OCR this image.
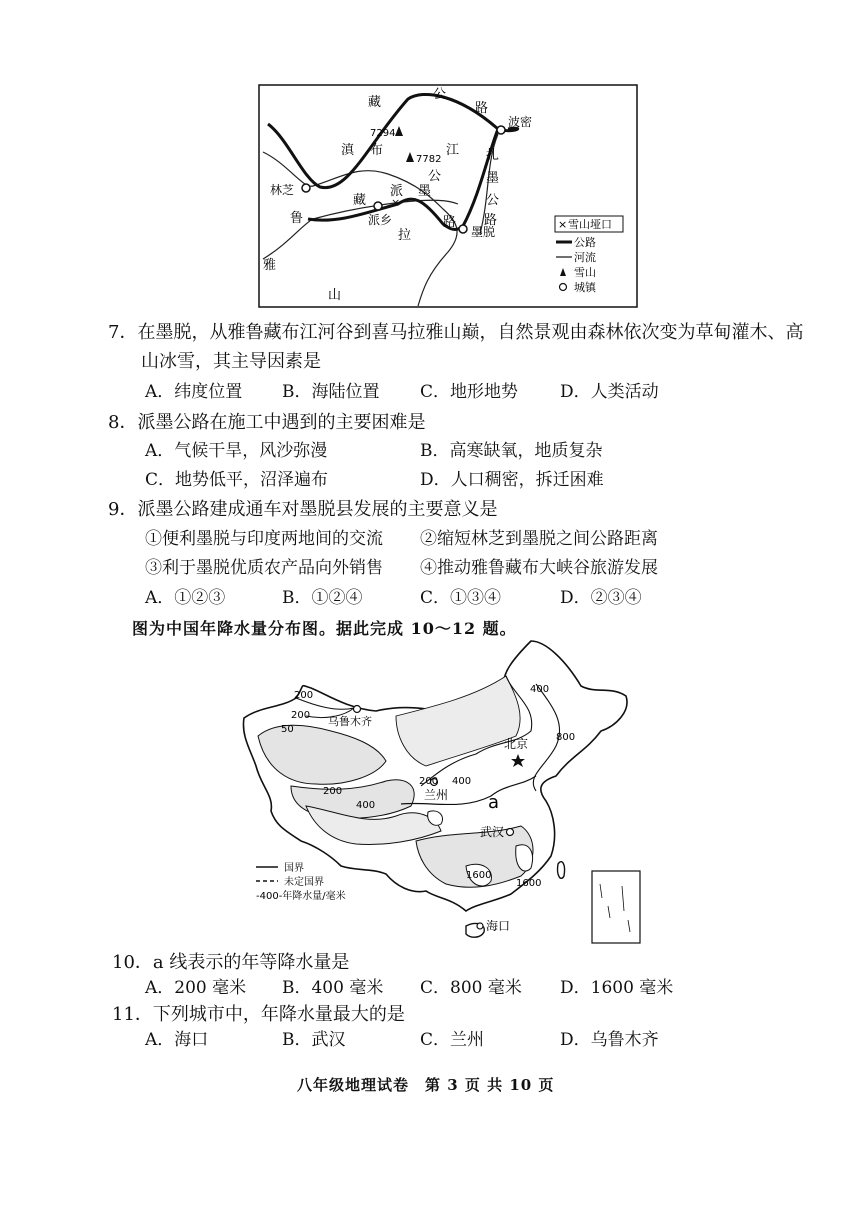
×
7294
7782
林芝
派乡
墨脱
波密
藏
公
路
滇 布	江 扎
墨
公
路
鲁
藏
派 墨
公
路
拉
雅
山
× 雪山垭口
公路
河流
雪山
城镇
7．在墨脱，从雅鲁藏布江河谷到喜马拉雅山巅，自然景观由森林依次变为草甸灌木、高
山冰雪，其主导因素是
A．纬度位置 B．海陆位置 C．地形地势 D．人类活动
8．派墨公路在施工中遇到的主要困难是
A．气候干旱，风沙弥漫	B．高寒缺氧，地质复杂
C．地势低平，沼泽遍布	D．人口稠密，拆迁困难
9．派墨公路建成通车对墨脱县发展的主要意义是
①便利墨脱与印度两地间的交流 ②缩短林芝到墨脱之间公路距离
③利于墨脱优质农产品向外销售 ④推动雅鲁藏布大峡谷旅游发展
A．①②③	B．①②④	C．①③④	D．②③④
图为中国年降水量分布图。据此完成 10～12 题。
乌鲁木齐
北京
兰州
武汉
海口
a
200
200
50
400
800
200 400
200
400
1600
1600
国界
未定国界
-400-年降水量/毫米
10．a 线表示的年等降水量是
A．200 毫米 B．400 毫米 C．800 毫米 D．1600 毫米
11．下列城市中，年降水量最大的是
A．海口	B．武汉	C．兰州	D．乌鲁木齐
八年级地理试卷　第 3 页 共 10 页
